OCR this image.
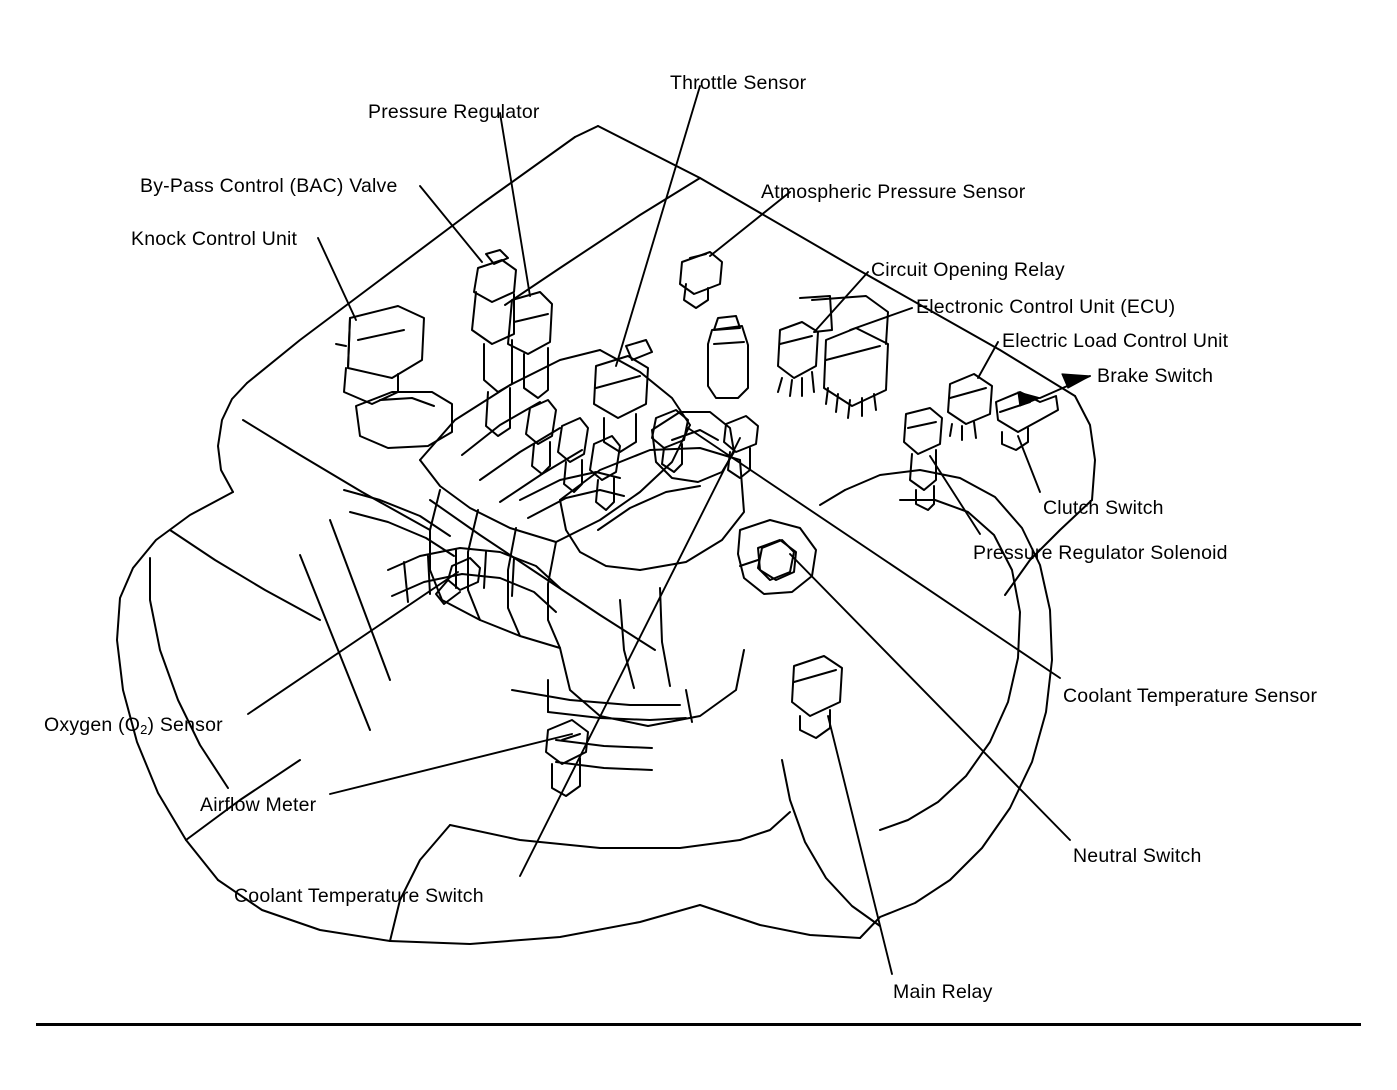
Knock Control Unit
By-Pass Control (BAC) Valve
Pressure Regulator
Throttle Sensor
Atmospheric Pressure Sensor
Circuit Opening Relay
Electronic Control Unit (ECU)
Electric Load Control Unit
Brake Switch
Clutch Switch
Pressure Regulator Solenoid
Coolant Temperature Sensor
Neutral Switch
Main Relay
Coolant Temperature Switch
Airflow Meter
Oxygen $(O_2)$ Sensor
